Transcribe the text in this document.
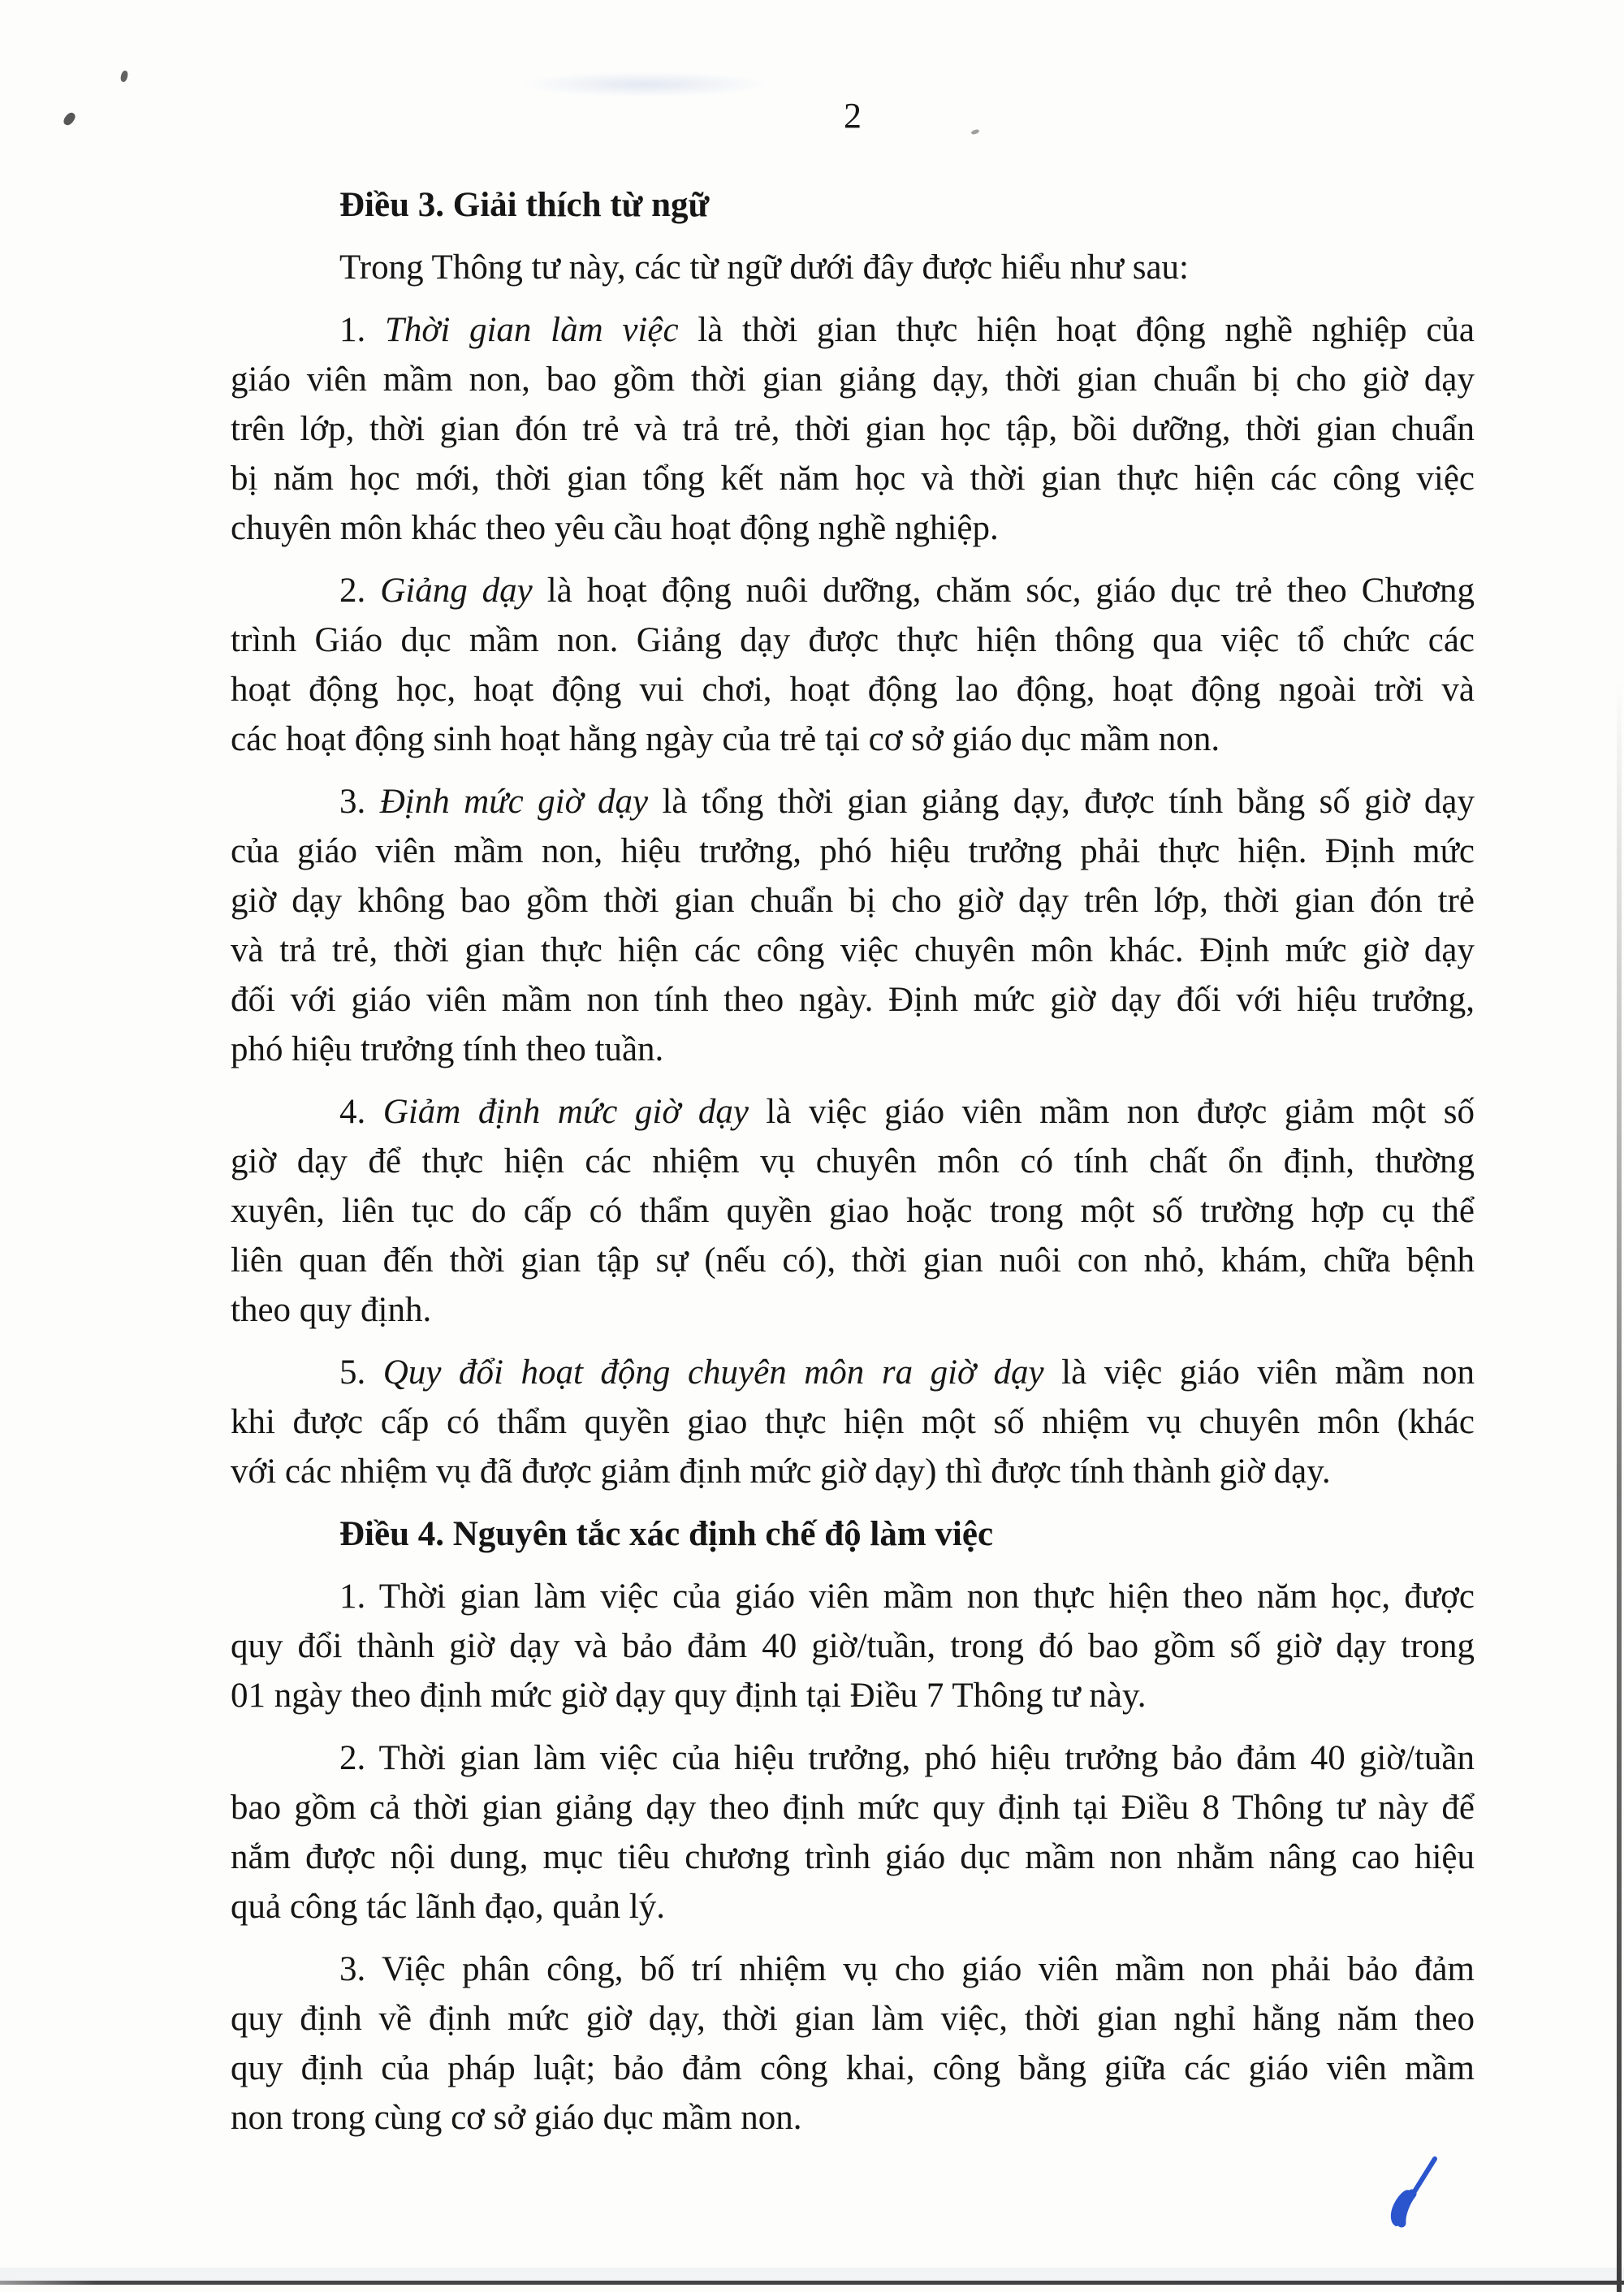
2
Điều 3. Giải thích từ ngữ
Trong Thông tư này, các từ ngữ dưới đây được hiểu như sau:
1. Thời gian làm việc là thời gian thực hiện hoạt động nghề nghiệp của
giáo viên mầm non, bao gồm thời gian giảng dạy, thời gian chuẩn bị cho giờ dạy
trên lớp, thời gian đón trẻ và trả trẻ, thời gian học tập, bồi dưỡng, thời gian chuẩn
bị năm học mới, thời gian tổng kết năm học và thời gian thực hiện các công việc
chuyên môn khác theo yêu cầu hoạt động nghề nghiệp.
2. Giảng dạy là hoạt động nuôi dưỡng, chăm sóc, giáo dục trẻ theo Chương
trình Giáo dục mầm non. Giảng dạy được thực hiện thông qua việc tổ chức các
hoạt động học, hoạt động vui chơi, hoạt động lao động, hoạt động ngoài trời và
các hoạt động sinh hoạt hằng ngày của trẻ tại cơ sở giáo dục mầm non.
3. Định mức giờ dạy là tổng thời gian giảng dạy, được tính bằng số giờ dạy
của giáo viên mầm non, hiệu trưởng, phó hiệu trưởng phải thực hiện. Định mức
giờ dạy không bao gồm thời gian chuẩn bị cho giờ dạy trên lớp, thời gian đón trẻ
và trả trẻ, thời gian thực hiện các công việc chuyên môn khác. Định mức giờ dạy
đối với giáo viên mầm non tính theo ngày. Định mức giờ dạy đối với hiệu trưởng,
phó hiệu trưởng tính theo tuần.
4. Giảm định mức giờ dạy là việc giáo viên mầm non được giảm một số
giờ dạy để thực hiện các nhiệm vụ chuyên môn có tính chất ổn định, thường
xuyên, liên tục do cấp có thẩm quyền giao hoặc trong một số trường hợp cụ thể
liên quan đến thời gian tập sự (nếu có), thời gian nuôi con nhỏ, khám, chữa bệnh
theo quy định.
5. Quy đổi hoạt động chuyên môn ra giờ dạy là việc giáo viên mầm non
khi được cấp có thẩm quyền giao thực hiện một số nhiệm vụ chuyên môn (khác
với các nhiệm vụ đã được giảm định mức giờ dạy) thì được tính thành giờ dạy.
Điều 4. Nguyên tắc xác định chế độ làm việc
1. Thời gian làm việc của giáo viên mầm non thực hiện theo năm học, được
quy đổi thành giờ dạy và bảo đảm 40 giờ/tuần, trong đó bao gồm số giờ dạy trong
01 ngày theo định mức giờ dạy quy định tại Điều 7 Thông tư này.
2. Thời gian làm việc của hiệu trưởng, phó hiệu trưởng bảo đảm 40 giờ/tuần
bao gồm cả thời gian giảng dạy theo định mức quy định tại Điều 8 Thông tư này để
nắm được nội dung, mục tiêu chương trình giáo dục mầm non nhằm nâng cao hiệu
quả công tác lãnh đạo, quản lý.
3. Việc phân công, bố trí nhiệm vụ cho giáo viên mầm non phải bảo đảm
quy định về định mức giờ dạy, thời gian làm việc, thời gian nghỉ hằng năm theo
quy định của pháp luật; bảo đảm công khai, công bằng giữa các giáo viên mầm
non trong cùng cơ sở giáo dục mầm non.
